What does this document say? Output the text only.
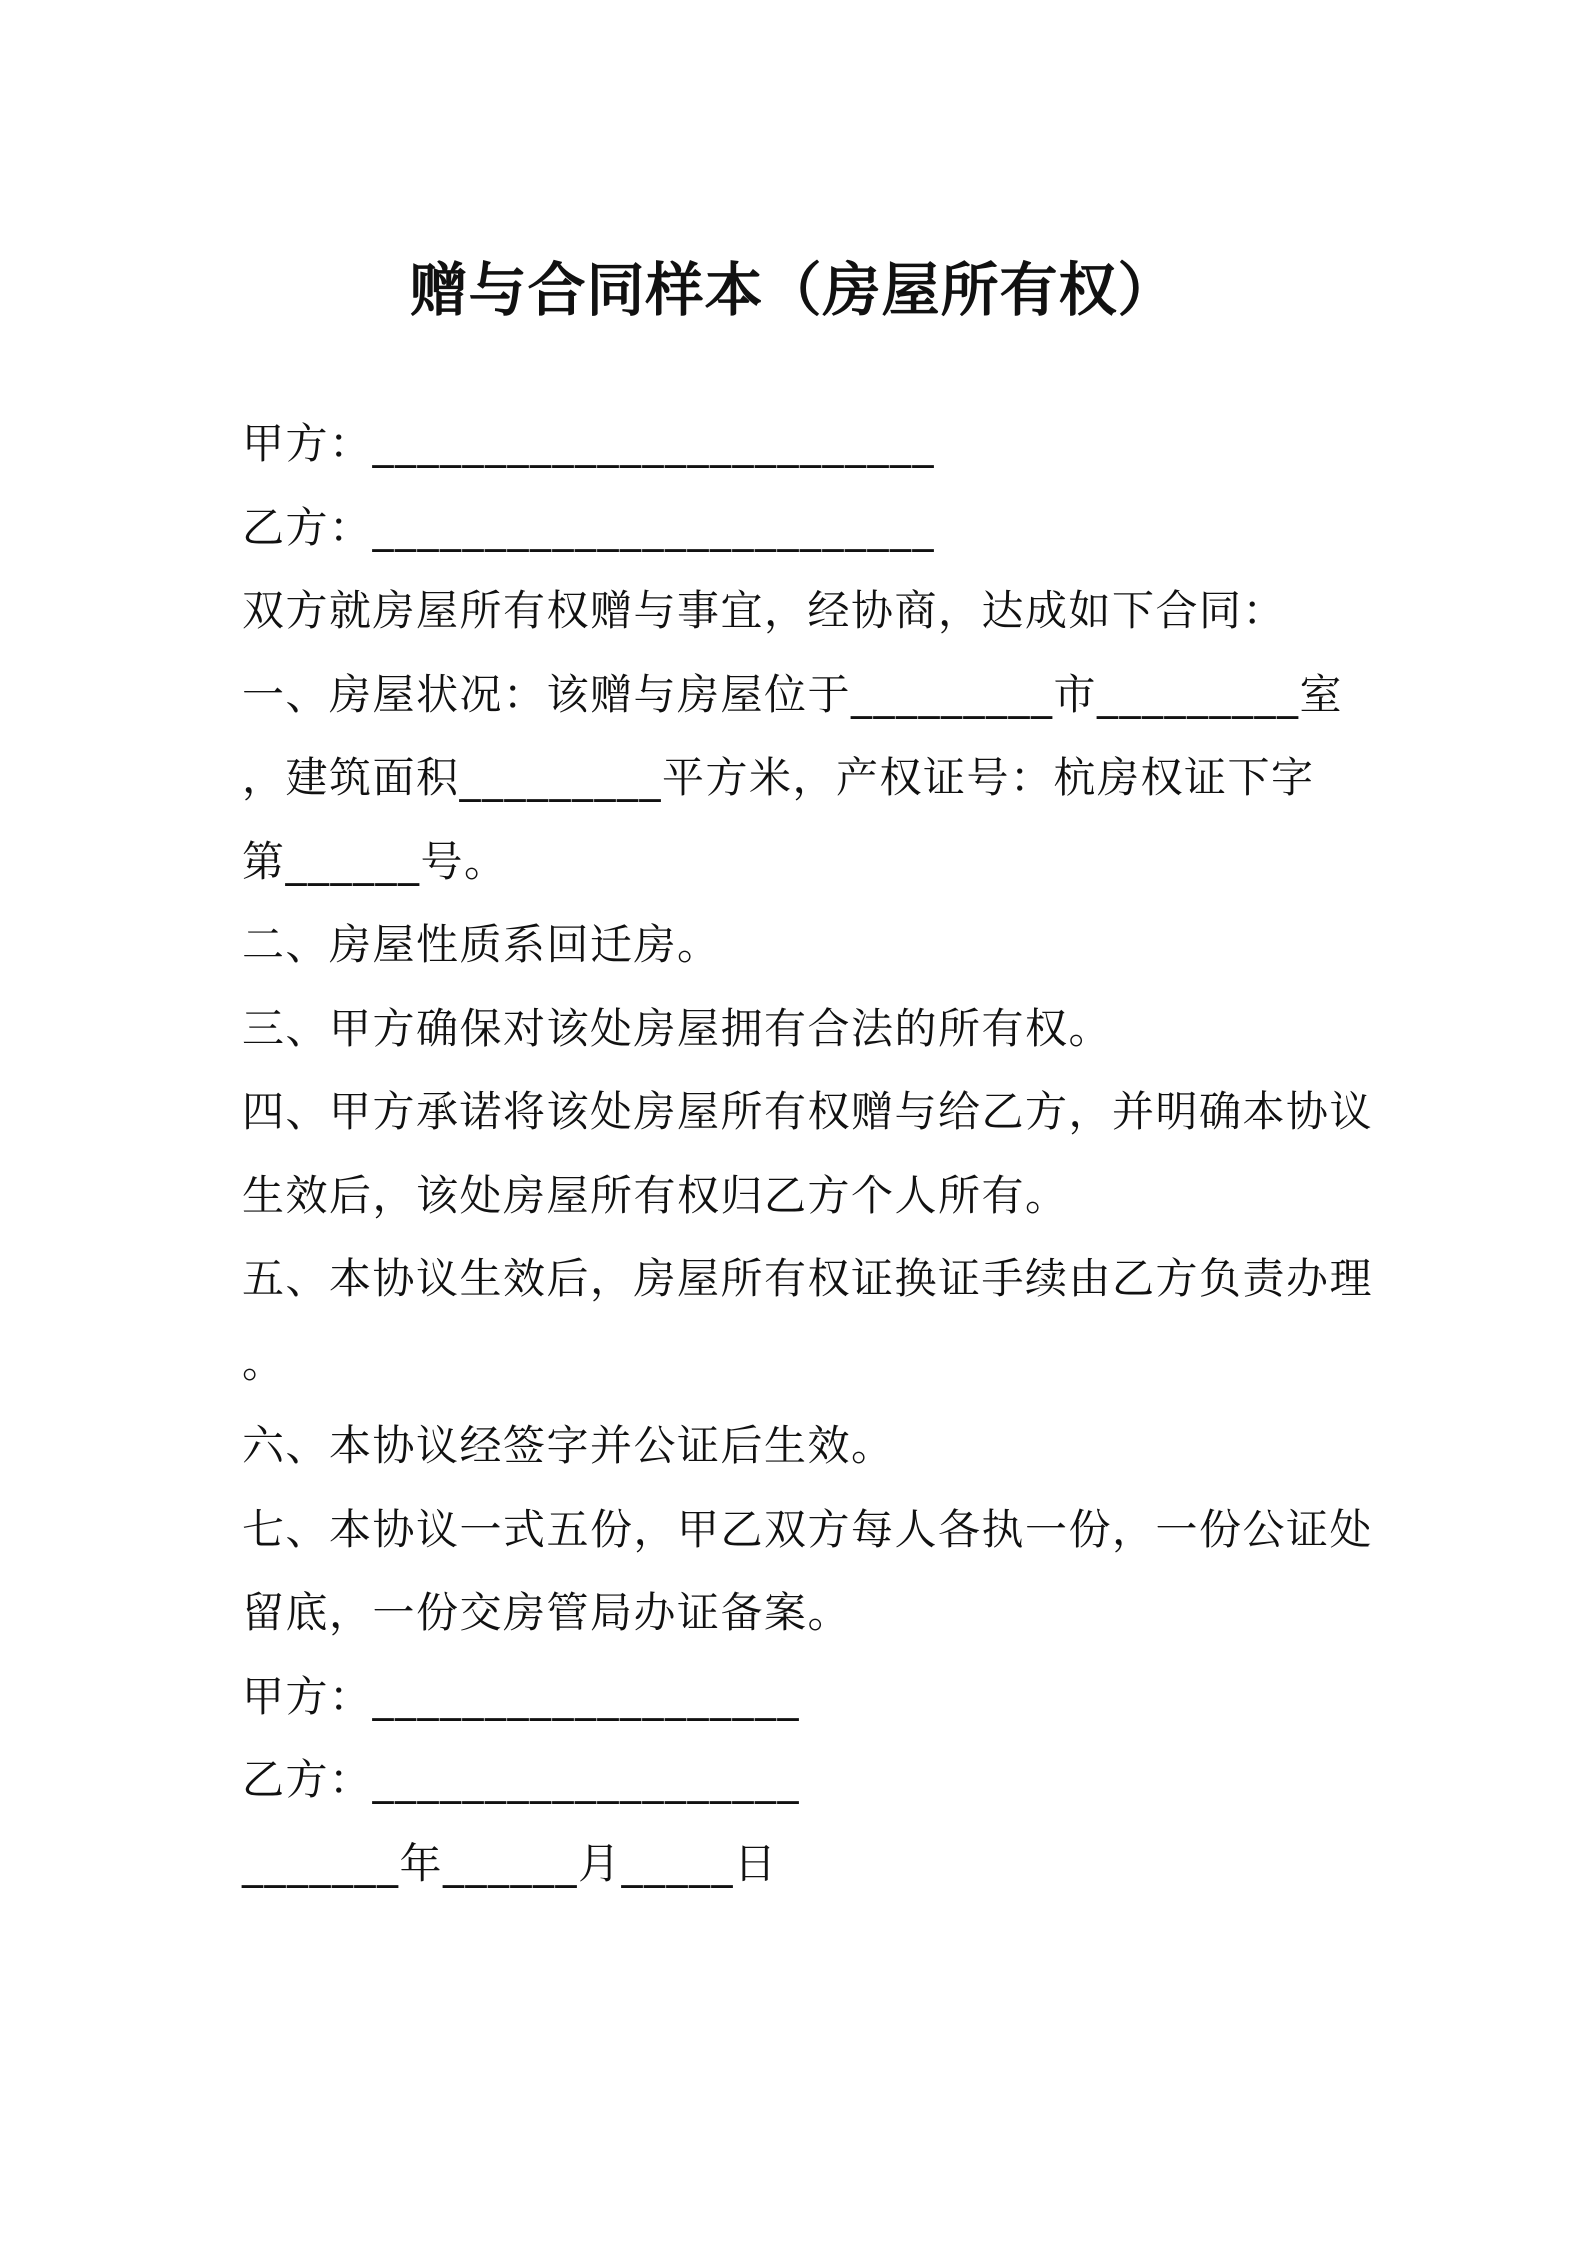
赠与合同样本（房屋所有权）
甲方：_________________________
乙方：_________________________
双方就房屋所有权赠与事宜，经协商，达成如下合同：
一、房屋状况：该赠与房屋位于_________市_________室
，建筑面积_________平方米，产权证号：杭房权证下字
第______号。
二、房屋性质系回迁房。
三、甲方确保对该处房屋拥有合法的所有权。
四、甲方承诺将该处房屋所有权赠与给乙方，并明确本协议
生效后，该处房屋所有权归乙方个人所有。
五、本协议生效后，房屋所有权证换证手续由乙方负责办理
。
六、本协议经签字并公证后生效。
七、本协议一式五份，甲乙双方每人各执一份，一份公证处
留底，一份交房管局办证备案。
甲方：___________________
乙方：___________________
_______年______月_____日
